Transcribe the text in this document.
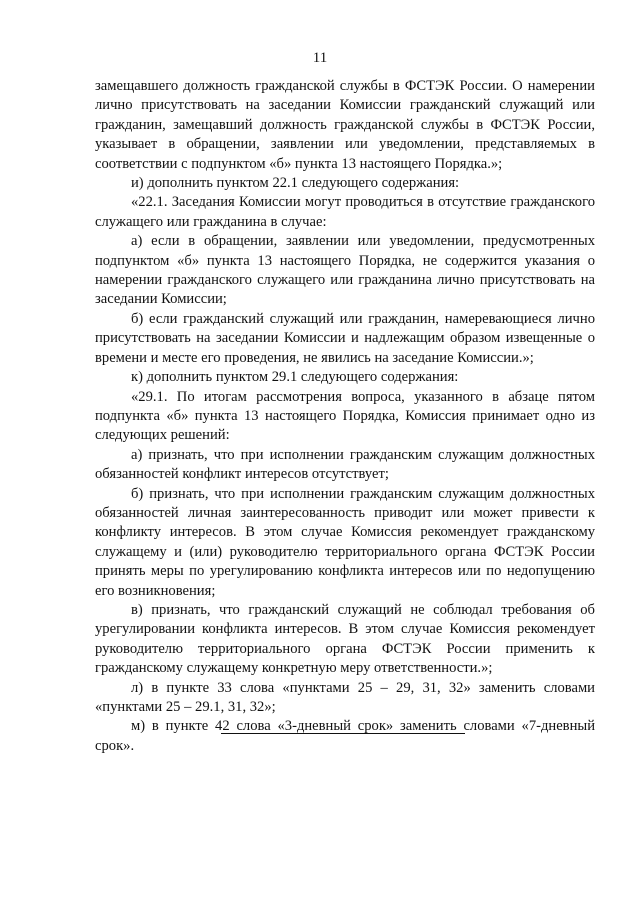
11

замещавшего должность гражданской службы в ФСТЭК России. О намерении лично присутствовать на заседании Комиссии гражданский служащий или гражданин, замещавший должность гражданской службы в ФСТЭК России, указывает в обращении, заявлении или уведомлении, представляемых в соответствии с подпунктом «б» пункта 13 настоящего Порядка.»;

и) дополнить пунктом 22.1 следующего содержания:

«22.1. Заседания Комиссии могут проводиться в отсутствие гражданского служащего или гражданина в случае:

а) если в обращении, заявлении или уведомлении, предусмотренных подпунктом «б» пункта 13 настоящего Порядка, не содержится указания о намерении гражданского служащего или гражданина лично присутствовать на заседании Комиссии;

б) если гражданский служащий или гражданин, намеревающиеся лично присутствовать на заседании Комиссии и надлежащим образом извещенные о времени и месте его проведения, не явились на заседание Комиссии.»;

к) дополнить пунктом 29.1 следующего содержания:

«29.1. По итогам рассмотрения вопроса, указанного в абзаце пятом подпункта «б» пункта 13 настоящего Порядка, Комиссия принимает одно из следующих решений:

а) признать, что при исполнении гражданским служащим должностных обязанностей конфликт интересов отсутствует;

б) признать, что при исполнении гражданским служащим должностных обязанностей личная заинтересованность приводит или может привести к конфликту интересов. В этом случае Комиссия рекомендует гражданскому служащему и (или) руководителю территориального органа ФСТЭК России принять меры по урегулированию конфликта интересов или по недопущению его возникновения;

в) признать, что гражданский служащий не соблюдал требования об урегулировании конфликта интересов. В этом случае Комиссия рекомендует руководителю территориального органа ФСТЭК России применить к гражданскому служащему конкретную меру ответственности.»;

л) в пункте 33 слова «пунктами 25 – 29, 31, 32» заменить словами «пунктами 25 – 29.1, 31, 32»;

м) в пункте 42 слова «3-дневный срок» заменить словами «7-дневный срок».
